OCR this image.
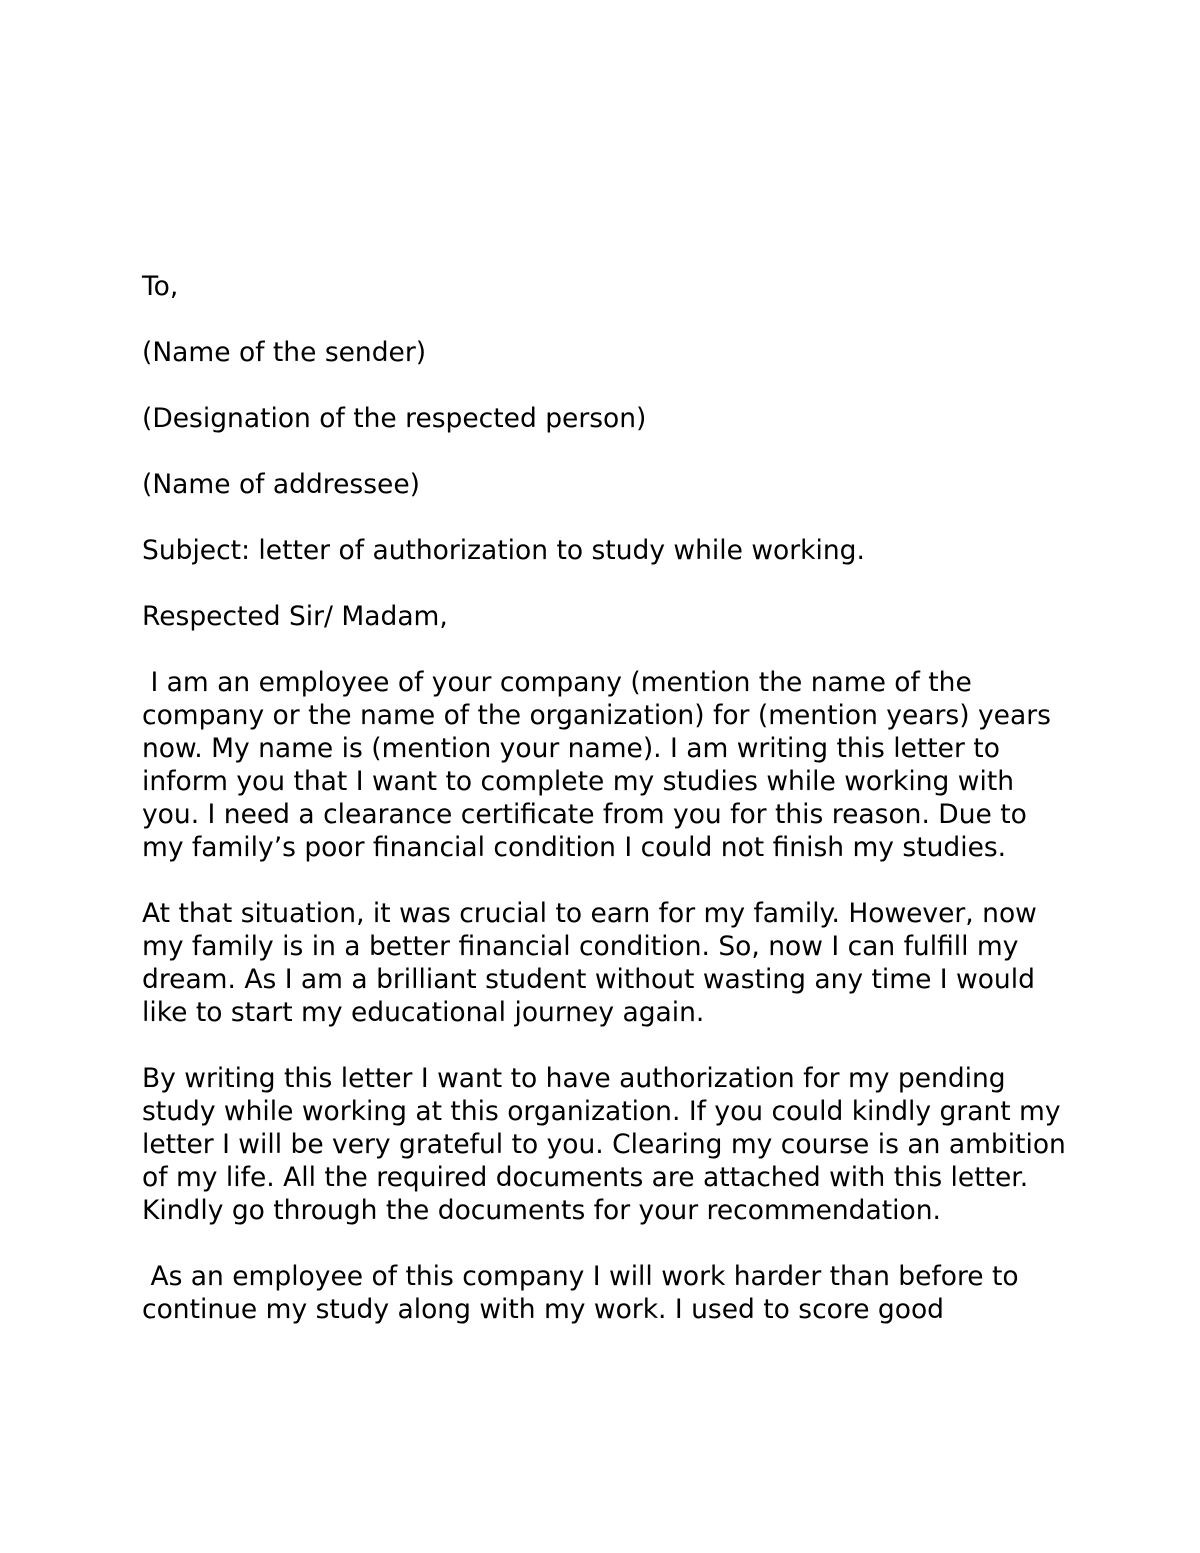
To,

(Name of the sender)

(Designation of the respected person)

(Name of addressee)

Subject: letter of authorization to study while working.

Respected Sir/ Madam,

I am an employee of your company (mention the name of the company or the name of the organization) for (mention years) years now. My name is (mention your name). I am writing this letter to inform you that I want to complete my studies while working with you. I need a clearance certificate from you for this reason. Due to my family’s poor financial condition I could not finish my studies.

At that situation, it was crucial to earn for my family. However, now my family is in a better financial condition. So, now I can fulfill my dream. As I am a brilliant student without wasting any time I would like to start my educational journey again.

By writing this letter I want to have authorization for my pending study while working at this organization. If you could kindly grant my letter I will be very grateful to you. Clearing my course is an ambition of my life. All the required documents are attached with this letter. Kindly go through the documents for your recommendation.

As an employee of this company I will work harder than before to continue my study along with my work. I used to score good
